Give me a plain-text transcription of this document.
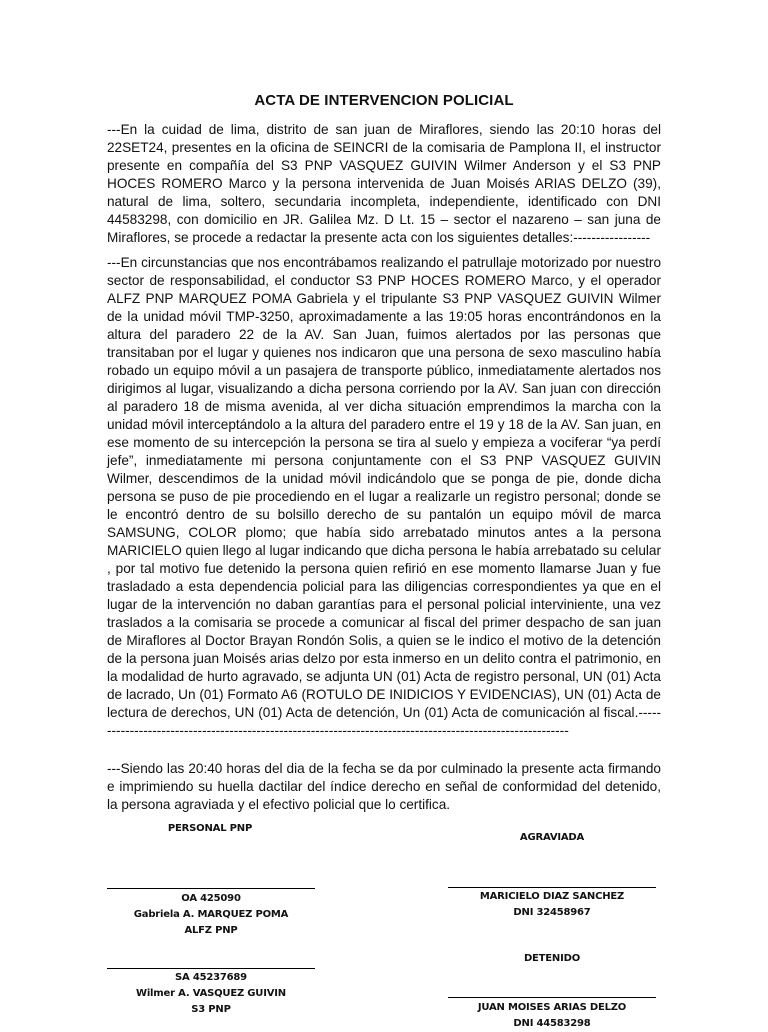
ACTA DE INTERVENCION POLICIAL

---En la cuidad de lima, distrito de san juan de Miraflores, siendo las 20:10 horas del 22SET24, presentes en la oficina de SEINCRI de la comisaria de Pamplona II, el instructor presente en compañía del S3 PNP VASQUEZ GUIVIN Wilmer Anderson y el S3 PNP HOCES ROMERO Marco y la persona intervenida de Juan Moisés ARIAS DELZO (39), natural de lima, soltero, secundaria incompleta, independiente, identificado con DNI 44583298, con domicilio en JR. Galilea Mz. D Lt. 15 – sector el nazareno – san juna de Miraflores, se procede a redactar la presente acta con los siguientes detalles:-----------------

---En circunstancias que nos encontrábamos realizando el patrullaje motorizado por nuestro sector de responsabilidad, el conductor S3 PNP HOCES ROMERO Marco, y el operador ALFZ PNP MARQUEZ POMA Gabriela y el tripulante S3 PNP VASQUEZ GUIVIN Wilmer de la unidad móvil TMP-3250, aproximadamente a las 19:05 horas encontrándonos en la altura del paradero 22 de la AV. San Juan, fuimos alertados por las personas que transitaban por el lugar y quienes nos indicaron que una persona de sexo masculino había robado un equipo móvil a un pasajera de transporte público, inmediatamente alertados nos dirigimos al lugar, visualizando a dicha persona corriendo por la AV. San juan con dirección al paradero 18 de misma avenida, al ver dicha situación emprendimos la marcha con la unidad móvil interceptándolo a la altura del paradero entre el 19 y 18 de la AV. San juan, en ese momento de su intercepción la persona se tira al suelo y empieza a vociferar “ya perdí jefe”, inmediatamente mi persona conjuntamente con el S3 PNP VASQUEZ GUIVIN Wilmer, descendimos de la unidad móvil indicándolo que se ponga de pie, donde dicha persona se puso de pie procediendo en el lugar a realizarle un registro personal; donde se le encontró dentro de su bolsillo derecho de su pantalón un equipo móvil de marca SAMSUNG, COLOR plomo; que había sido arrebatado minutos antes a la persona MARICIELO quien llego al lugar indicando que dicha persona le había arrebatado su celular , por tal motivo fue detenido la persona quien refirió en ese momento llamarse Juan y fue trasladado a esta dependencia policial para las diligencias correspondientes ya que en el lugar de la intervención no daban garantías para el personal policial interviniente, una vez traslados a la comisaria se procede a comunicar al fiscal del primer despacho de san juan de Miraflores al Doctor Brayan Rondón Solis, a quien se le indico el motivo de la detención de la persona juan Moisés arias delzo por esta inmerso en un delito contra el patrimonio, en la modalidad de hurto agravado, se adjunta UN (01) Acta de registro personal, UN (01) Acta de lacrado, Un (01) Formato A6 (ROTULO DE INIDICIOS Y EVIDENCIAS), UN (01) Acta de lectura de derechos, UN (01) Acta de detención, Un (01) Acta de comunicación al fiscal.-----------------------------------------------------------------------------------------------------------

---Siendo las 20:40 horas del dia de la fecha se da por culminado la presente acta firmando e imprimiendo su huella dactilar del índice derecho en señal de conformidad del detenido, la persona agraviada y el efectivo policial que lo certifica.

PERSONAL PNP
OA 425090
Gabriela A. MARQUEZ POMA
ALFZ PNP
SA 45237689
Wilmer A. VASQUEZ GUIVIN
S3 PNP
AGRAVIADA
MARICIELO DIAZ SANCHEZ
DNI 32458967
DETENIDO
JUAN MOISES ARIAS DELZO
DNI 44583298
